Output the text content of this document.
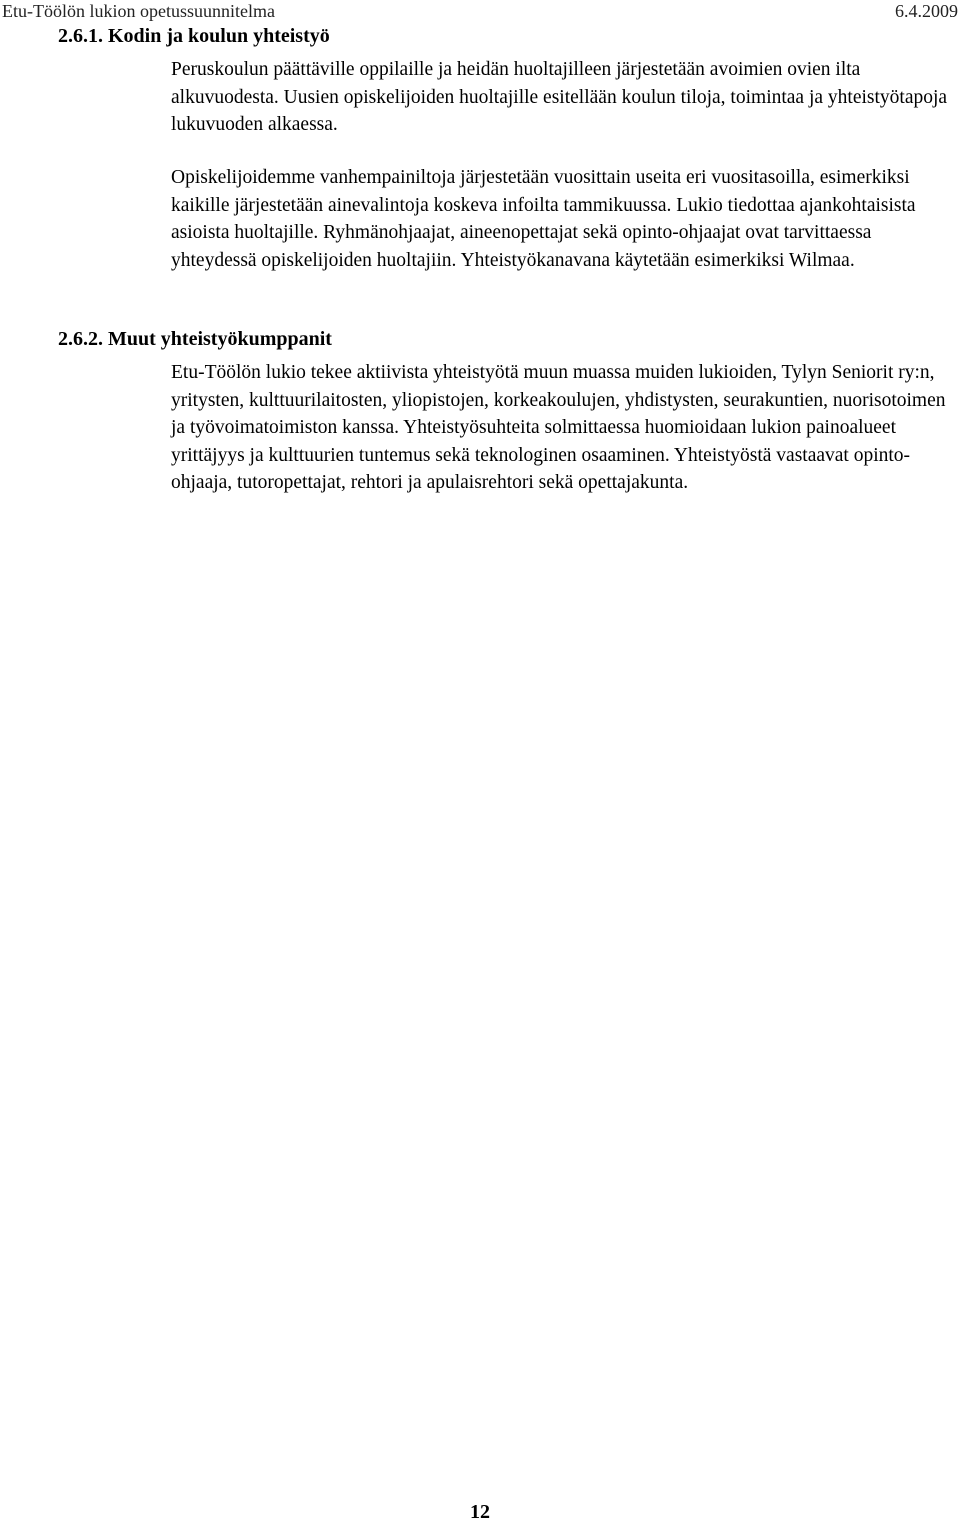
Etu-Töölön lukion opetussuunnitelma	6.4.2009
2.6.1. Kodin ja koulun yhteistyö

Peruskoulun päättäville oppilaille ja heidän huoltajilleen järjestetään avoimien ovien ilta alkuvuodesta. Uusien opiskelijoiden huoltajille esitellään koulun tiloja, toimintaa ja yhteistyötapoja lukuvuoden alkaessa.

Opiskelijoidemme vanhempainiltoja järjestetään vuosittain useita eri vuositasoilla, esimerkiksi kaikille järjestetään ainevalintoja koskeva infoilta tammikuussa. Lukio tiedottaa ajankohtaisista asioista huoltajille. Ryhmänohjaajat, aineenopettajat sekä opinto-ohjaajat ovat tarvittaessa yhteydessä opiskelijoiden huoltajiin. Yhteistyökanavana käytetään esimerkiksi Wilmaa.

2.6.2. Muut yhteistyökumppanit

Etu-Töölön lukio tekee aktiivista yhteistyötä muun muassa muiden lukioiden, Tylyn Seniorit ry:n, yritysten, kulttuurilaitosten, yliopistojen, korkeakoulujen, yhdistysten, seurakuntien, nuorisotoimen ja työvoimatoimiston kanssa. Yhteistyösuhteita solmittaessa huomioidaan lukion painoalueet yrittäjyys ja kulttuurien tuntemus sekä teknologinen osaaminen. Yhteistyöstä vastaavat opinto-ohjaaja, tutoropettajat, rehtori ja apulaisrehtori sekä opettajakunta.

12
